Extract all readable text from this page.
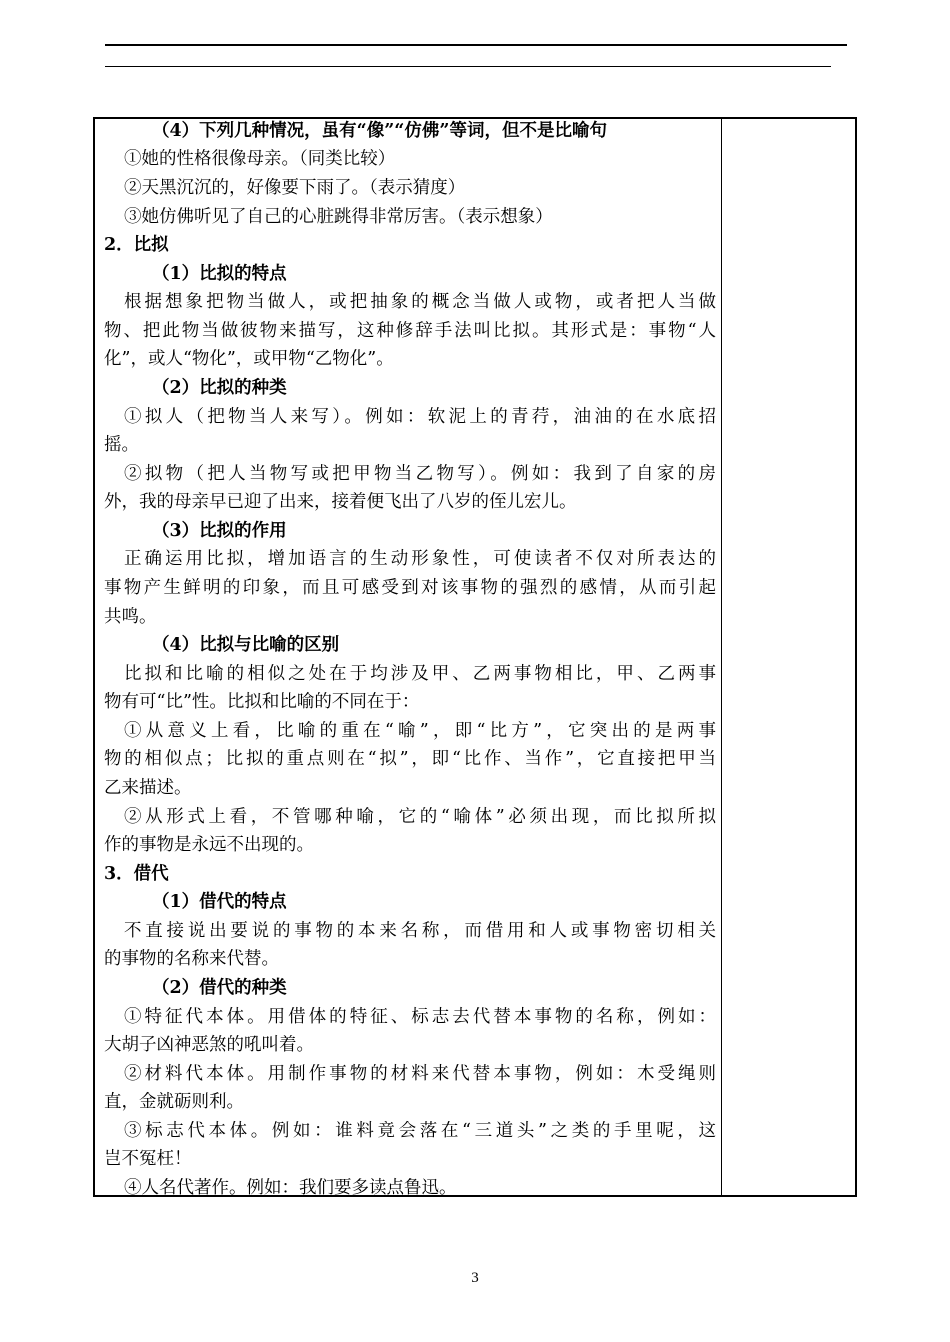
（4）下列几种情况，虽有“像”“仿佛”等词，但不是比喻句
①她的性格很像母亲。（同类比较）
②天黑沉沉的，好像要下雨了。（表示猜度）
③她仿佛听见了自己的心脏跳得非常厉害。（表示想象）
2．比拟
（1）比拟的特点
根据想象把物当做人，或把抽象的概念当做人或物，或者把人当做
物、把此物当做彼物来描写，这种修辞手法叫比拟。其形式是：事物“人
化”，或人“物化”，或甲物“乙物化”。
（2）比拟的种类
①拟人（把物当人来写）。例如：软泥上的青荇，油油的在水底招
摇。
②拟物（把人当物写或把甲物当乙物写）。例如：我到了自家的房
外，我的母亲早已迎了出来，接着便飞出了八岁的侄儿宏儿。
（3）比拟的作用
正确运用比拟，增加语言的生动形象性，可使读者不仅对所表达的
事物产生鲜明的印象，而且可感受到对该事物的强烈的感情，从而引起
共鸣。
（4）比拟与比喻的区别
比拟和比喻的相似之处在于均涉及甲、乙两事物相比，甲、乙两事
物有可“比”性。比拟和比喻的不同在于：
①从意义上看，比喻的重在“喻”，即“比方”，它突出的是两事
物的相似点；比拟的重点则在“拟”，即“比作、当作”，它直接把甲当
乙来描述。
②从形式上看，不管哪种喻，它的“喻体”必须出现，而比拟所拟
作的事物是永远不出现的。
3．借代
（1）借代的特点
不直接说出要说的事物的本来名称，而借用和人或事物密切相关
的事物的名称来代替。
（2）借代的种类
①特征代本体。用借体的特征、标志去代替本事物的名称，例如：
大胡子凶神恶煞的吼叫着。
②材料代本体。用制作事物的材料来代替本事物，例如：木受绳则
直，金就砺则利。
③标志代本体。例如：谁料竟会落在“三道头”之类的手里呢，这
岂不冤枉！
④人名代著作。例如：我们要多读点鲁迅。
3
